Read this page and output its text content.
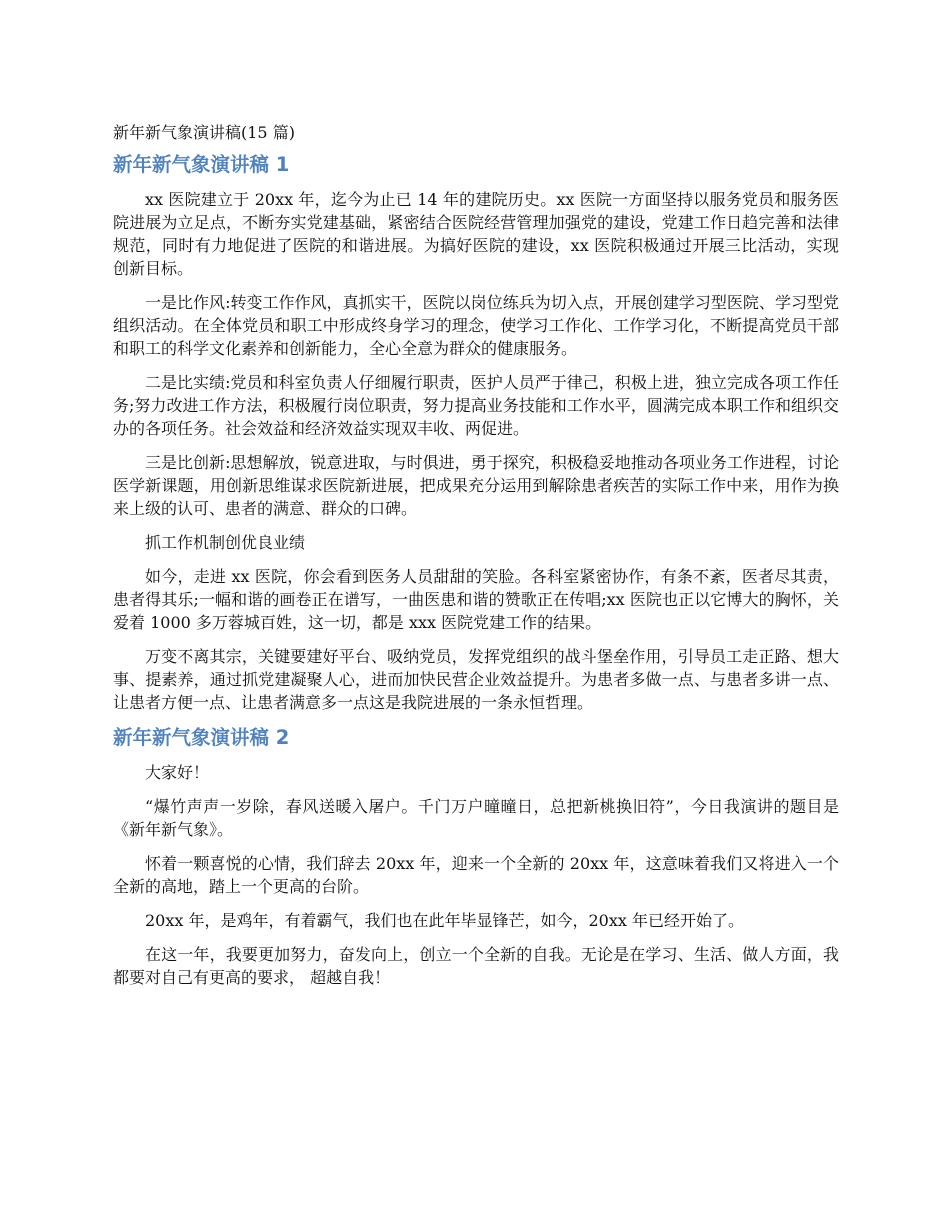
新年新气象演讲稿(15 篇)
新年新气象演讲稿 1

xx 医院建立于 20xx 年，迄今为止已 14 年的建院历史。xx 医院一方面坚持以服务党员和服务医院进展为立足点，不断夯实党建基础，紧密结合医院经营管理加强党的建设，党建工作日趋完善和法律规范，同时有力地促进了医院的和谐进展。为搞好医院的建设，xx 医院积极通过开展三比活动，实现创新目标。

一是比作风:转变工作作风，真抓实干，医院以岗位练兵为切入点，开展创建学习型医院、学习型党组织活动。在全体党员和职工中形成终身学习的理念，使学习工作化、工作学习化，不断提高党员干部和职工的科学文化素养和创新能力，全心全意为群众的健康服务。

二是比实绩:党员和科室负责人仔细履行职责，医护人员严于律己，积极上进，独立完成各项工作任务;努力改进工作方法，积极履行岗位职责，努力提高业务技能和工作水平，圆满完成本职工作和组织交办的各项任务。社会效益和经济效益实现双丰收、两促进。

三是比创新:思想解放，锐意进取，与时俱进，勇于探究，积极稳妥地推动各项业务工作进程，讨论医学新课题，用创新思维谋求医院新进展，把成果充分运用到解除患者疾苦的实际工作中来，用作为换来上级的认可、患者的满意、群众的口碑。

抓工作机制创优良业绩

如今，走进 xx 医院，你会看到医务人员甜甜的笑脸。各科室紧密协作，有条不紊，医者尽其责，患者得其乐;一幅和谐的画卷正在谱写，一曲医患和谐的赞歌正在传唱;xx 医院也正以它博大的胸怀，关爱着 1000 多万蓉城百姓，这一切，都是 xxx 医院党建工作的结果。

万变不离其宗，关键要建好平台、吸纳党员，发挥党组织的战斗堡垒作用，引导员工走正路、想大事、提素养，通过抓党建凝聚人心，进而加快民营企业效益提升。为患者多做一点、与患者多讲一点、让患者方便一点、让患者满意多一点这是我院进展的一条永恒哲理。

新年新气象演讲稿 2

大家好！

“爆竹声声一岁除，春风送暖入屠户。千门万户曈曈日，总把新桃换旧符”，今日我演讲的题目是《新年新气象》。

怀着一颗喜悦的心情，我们辞去 20xx 年，迎来一个全新的 20xx 年，这意味着我们又将进入一个全新的高地，踏上一个更高的台阶。

20xx 年，是鸡年，有着霸气，我们也在此年毕显锋芒，如今，20xx 年已经开始了。

在这一年，我要更加努力，奋发向上，创立一个全新的自我。无论是在学习、生活、做人方面，我都要对自己有更高的要求， 超越自我！
